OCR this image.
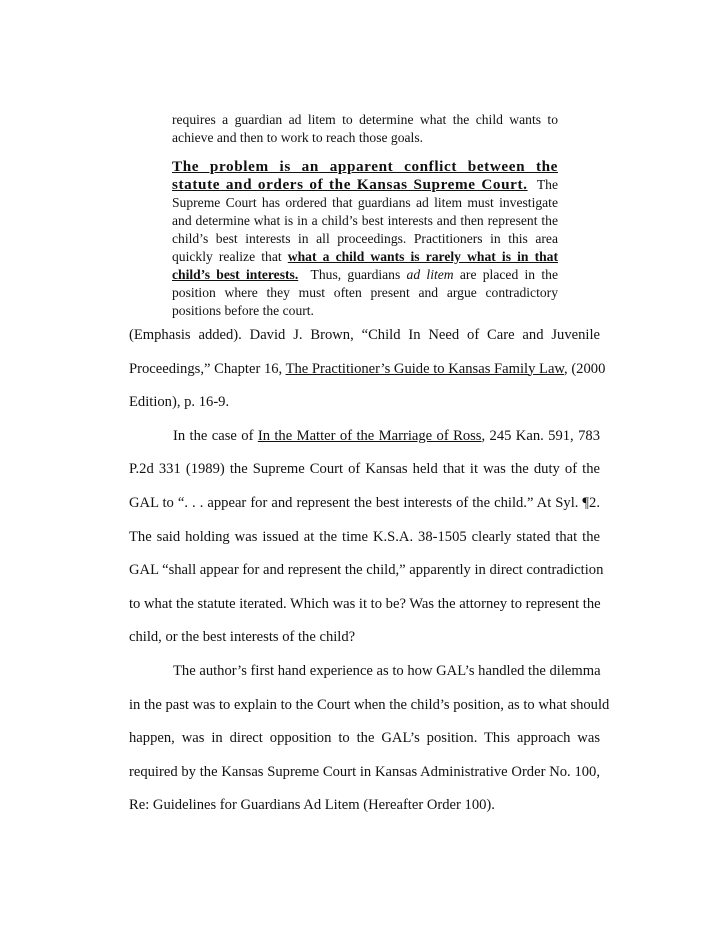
requires a guardian ad litem to determine what the child wants to achieve and then to work to reach those goals.

The problem is an apparent conflict between the statute and orders of the Kansas Supreme Court. The Supreme Court has ordered that guardians ad litem must investigate and determine what is in a child’s best interests and then represent the child’s best interests in all proceedings. Practitioners in this area quickly realize that what a child wants is rarely what is in that child’s best interests. Thus, guardians ad litem are placed in the position where they must often present and argue contradictory positions before the court.

(Emphasis added). David J. Brown, “Child In Need of Care and Juvenile
Proceedings,” Chapter 16, The Practitioner’s Guide to Kansas Family Law, (2000
Edition), p. 16-9.
In the case of In the Matter of the Marriage of Ross, 245 Kan. 591, 783
P.2d 331 (1989) the Supreme Court of Kansas held that it was the duty of the
GAL to “. . . appear for and represent the best interests of the child.” At Syl. ¶2.
The said holding was issued at the time K.S.A. 38-1505 clearly stated that the
GAL “shall appear for and represent the child,” apparently in direct contradiction
to what the statute iterated. Which was it to be? Was the attorney to represent the
child, or the best interests of the child?
The author’s first hand experience as to how GAL’s handled the dilemma
in the past was to explain to the Court when the child’s position, as to what should
happen, was in direct opposition to the GAL’s position. This approach was
required by the Kansas Supreme Court in Kansas Administrative Order No. 100,
Re: Guidelines for Guardians Ad Litem (Hereafter Order 100).
